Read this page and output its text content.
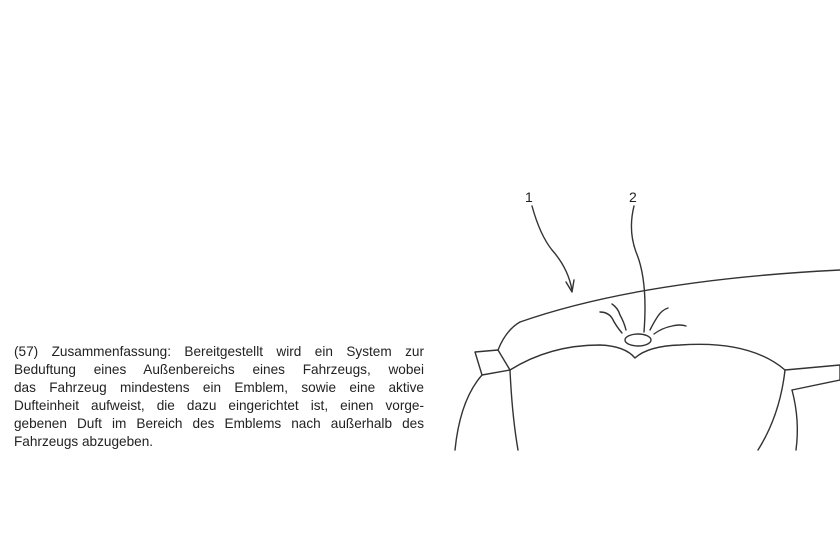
(57) Zusammenfassung: Bereitgestellt wird ein System zur
Beduftung eines Außenbereichs eines Fahrzeugs, wobei
das Fahrzeug mindestens ein Emblem, sowie eine aktive
Dufteinheit aufweist, die dazu eingerichtet ist, einen vorge-
gebenen Duft im Bereich des Emblems nach außerhalb des
Fahrzeugs abzugeben.
1	2
